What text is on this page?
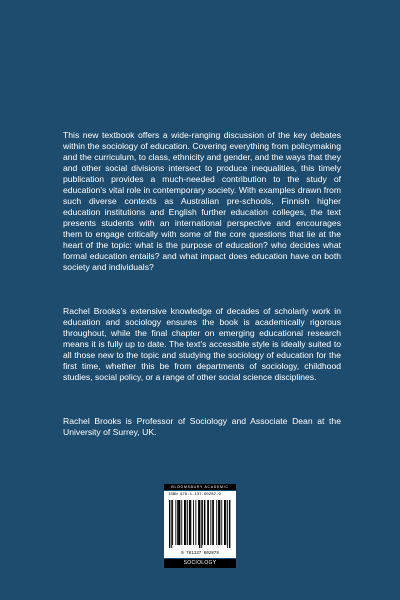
This new textbook offers a wide-ranging discussion of the key debates within the sociology of education. Covering everything from policymaking and the curriculum, to class, ethnicity and gender, and the ways that they and other social divisions intersect to produce inequalities, this timely publication provides a much-needed contribution to the study of education’s vital role in contemporary society. With examples drawn from such diverse contexts as Australian pre-schools, Finnish higher education institutions and English further education colleges, the text presents students with an international perspective and encourages them to engage critically with some of the core questions that lie at the heart of the topic: what is the purpose of education? who decides what formal education entails? and what impact does education have on both society and individuals?

Rachel Brooks’s extensive knowledge of decades of scholarly work in education and sociology ensures the book is academically rigorous throughout, while the final chapter on emerging educational research means it is fully up to date. The text’s accessible style is ideally suited to all those new to the topic and studying the sociology of education for the first time, whether this be from departments of sociology, childhood studies, social policy, or a range of other social science disciplines.

Rachel Brooks is Professor of Sociology and Associate Dean at the University of Surrey, UK.

BLOOMSBURY ACADEMIC
ISBN 978-1-137-60287-9
9 781137 602879
SOCIOLOGY
